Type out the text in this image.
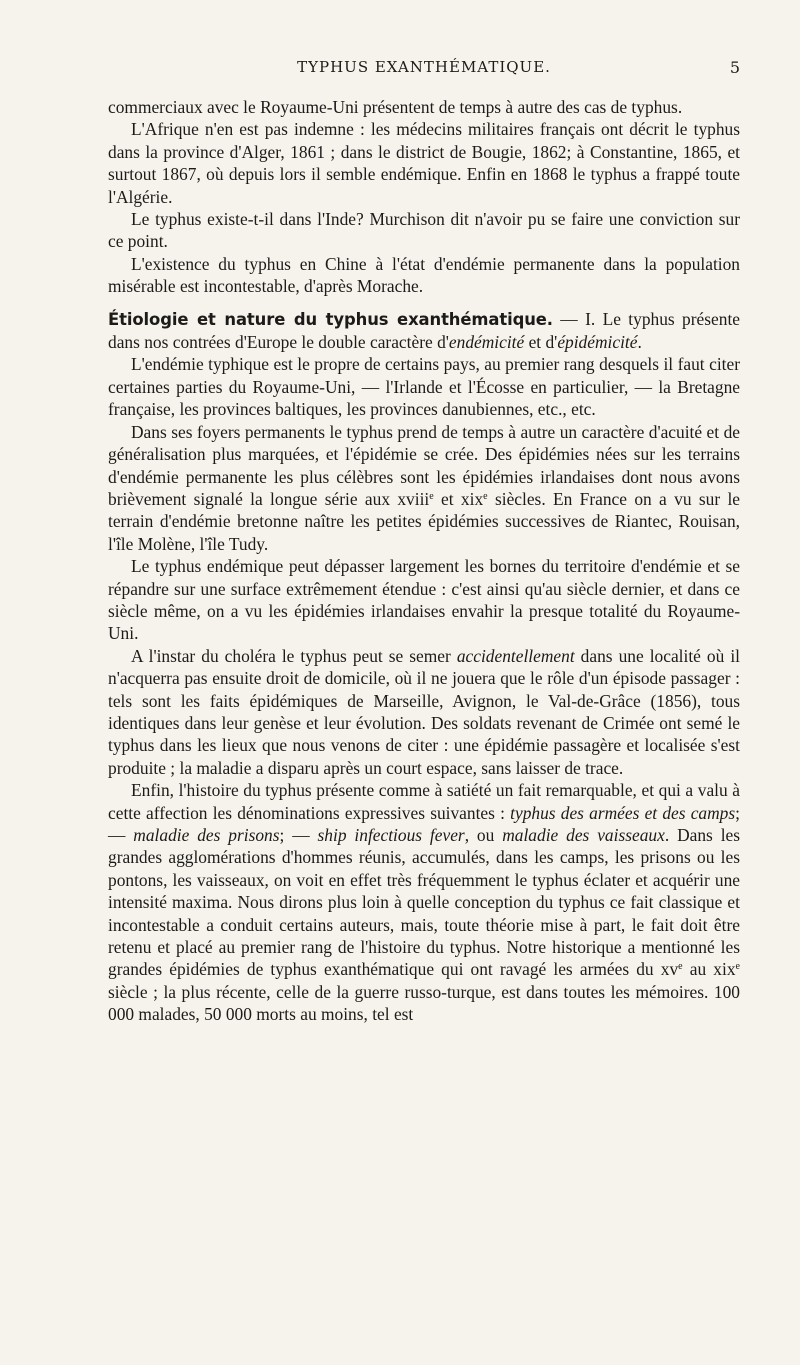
TYPHUS EXANTHÉMATIQUE.	5

commerciaux avec le Royaume-Uni présentent de temps à autre des cas de typhus.

L'Afrique n'en est pas indemne : les médecins militaires français ont décrit le typhus dans la province d'Alger, 1861 ; dans le district de Bougie, 1862; à Constantine, 1865, et surtout 1867, où depuis lors il semble endémique. Enfin en 1868 le typhus a frappé toute l'Algérie.

Le typhus existe-t-il dans l'Inde? Murchison dit n'avoir pu se faire une conviction sur ce point.

L'existence du typhus en Chine à l'état d'endémie permanente dans la population misérable est incontestable, d'après Morache.

Étiologie et nature du typhus exanthématique. — I. Le typhus présente dans nos contrées d'Europe le double caractère d'endémicité et d'épidémicité.

L'endémie typhique est le propre de certains pays, au premier rang desquels il faut citer certaines parties du Royaume-Uni, — l'Irlande et l'Écosse en particulier, — la Bretagne française, les provinces baltiques, les provinces danubiennes, etc., etc.

Dans ses foyers permanents le typhus prend de temps à autre un caractère d'acuité et de généralisation plus marquées, et l'épidémie se crée. Des épidémies nées sur les terrains d'endémie permanente les plus célèbres sont les épidémies irlandaises dont nous avons brièvement signalé la longue série aux xviii$^e$ et xix$^e$ siècles. En France on a vu sur le terrain d'endémie bretonne naître les petites épidémies successives de Riantec, Rouisan, l'île Molène, l'île Tudy.

Le typhus endémique peut dépasser largement les bornes du territoire d'endémie et se répandre sur une surface extrêmement étendue : c'est ainsi qu'au siècle dernier, et dans ce siècle même, on a vu les épidémies irlandaises envahir la presque totalité du Royaume-Uni.

A l'instar du choléra le typhus peut se semer accidentellement dans une localité où il n'acquerra pas ensuite droit de domicile, où il ne jouera que le rôle d'un épisode passager : tels sont les faits épidémiques de Marseille, Avignon, le Val-de-Grâce (1856), tous identiques dans leur genèse et leur évolution. Des soldats revenant de Crimée ont semé le typhus dans les lieux que nous venons de citer : une épidémie passagère et localisée s'est produite ; la maladie a disparu après un court espace, sans laisser de trace.

Enfin, l'histoire du typhus présente comme à satiété un fait remarquable, et qui a valu à cette affection les dénominations expressives suivantes : typhus des armées et des camps; — maladie des prisons; — ship infectious fever, ou maladie des vaisseaux. Dans les grandes agglomérations d'hommes réunis, accumulés, dans les camps, les prisons ou les pontons, les vaisseaux, on voit en effet très fréquemment le typhus éclater et acquérir une intensité maxima. Nous dirons plus loin à quelle conception du typhus ce fait classique et incontestable a conduit certains auteurs, mais, toute théorie mise à part, le fait doit être retenu et placé au premier rang de l'histoire du typhus. Notre historique a mentionné les grandes épidémies de typhus exanthématique qui ont ravagé les armées du $xv^e$ au xix$^e$ siècle ; la plus récente, celle de la guerre russo-turque, est dans toutes les mémoires. 100 000 malades, 50 000 morts au moins, tel est
